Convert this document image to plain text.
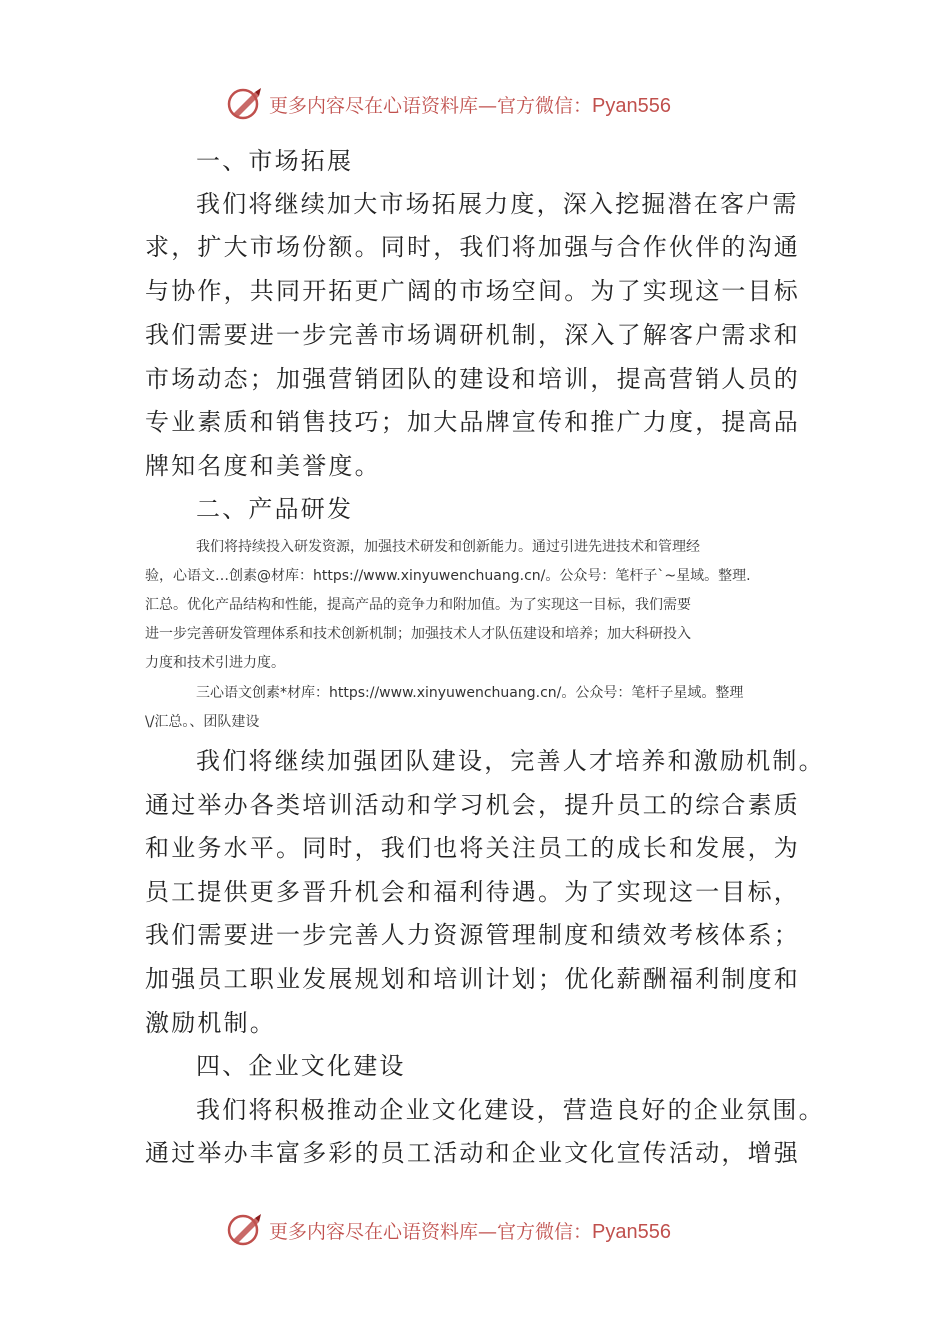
更多内容尽在心语资料库—官方微信：Pyan556
一、市场拓展
我们将继续加大市场拓展力度，深入挖掘潜在客户需
求，扩大市场份额。同时，我们将加强与合作伙伴的沟通
与协作，共同开拓更广阔的市场空间。为了实现这一目标
我们需要进一步完善市场调研机制，深入了解客户需求和
市场动态；加强营销团队的建设和培训，提高营销人员的
专业素质和销售技巧；加大品牌宣传和推广力度，提高品
牌知名度和美誉度。
二、产品研发
我们将持续投入研发资源，加强技术研发和创新能力。通过引进先进技术和管理经
验，心语文…创素@材库：https://www.xinyuwenchuang.cn/。公众号：笔杆子`~星域。整理.
汇总。优化产品结构和性能，提高产品的竞争力和附加值。为了实现这一目标，我们需要
进一步完善研发管理体系和技术创新机制；加强技术人才队伍建设和培养；加大科研投入
力度和技术引进力度。
三心语文创素*材库：https://www.xinyuwenchuang.cn/。公众号：笔杆子星域。整理
\/汇总。、团队建设
我们将继续加强团队建设，完善人才培养和激励机制。
通过举办各类培训活动和学习机会，提升员工的综合素质
和业务水平。同时，我们也将关注员工的成长和发展，为
员工提供更多晋升机会和福利待遇。为了实现这一目标，
我们需要进一步完善人力资源管理制度和绩效考核体系；
加强员工职业发展规划和培训计划；优化薪酬福利制度和
激励机制。
四、企业文化建设
我们将积极推动企业文化建设，营造良好的企业氛围。
通过举办丰富多彩的员工活动和企业文化宣传活动，增强
更多内容尽在心语资料库—官方微信：Pyan556
